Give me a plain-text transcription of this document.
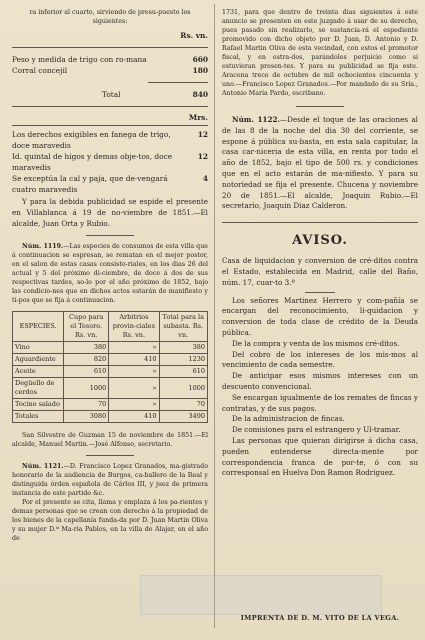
ra inferior al cuarto, sirviendo de presu-puesto los siguientes:

Rs. vn.
Peso y medida de trigo con ro-mana	660
Corral concejil	180
Total	840
Mrs.
Los derechos exigibles en fanega de trigo, doce maravedis
12
Id. quintal de higos y demas obje-tos, doce maravedis
12
Se exceptúa la cal y paja, que de-vengará cuatro maravedis
4

Y para la debida publicidad se espide el presente en Villablanca á 19 de no-viembre de 1851.—El alcalde, Juan Orta y Rubio.

Núm. 1119.—Las especies de consumos de esta villa que á continuacion se espresan, se rematan en el mejor postor, en el salon de estas casas consisto-riales, en los dias 26 del actual y 5 del próximo di-ciembre, de doce á dos de sus respectivas tardes, so-lo por el año próximo de 1852, bajo las condicio-nes que en dichos actos estarán de manifiesto y ti-pos que se fija á continuacion.

ESPECIES.	Cupo para el Tesoro. Rs. vn.	Arbitrios provin-ciales Rs. vn.	Total para la subasta. Rs. vn.
Vino	380	»	380
Aguardiente	820	410	1230
Aceite	610	»	610
Degüello de cerdos	1000	»	1000
Tocino salado	70	»	70
Totales	3080	410	3490

San Silvestre de Guzman 15 de noviembre de 1851.—El alcalde, Manuel Martin.—José Alfonso, secretario.

Núm. 1121.—D. Francisco Lopez Granados, ma-gistrado honorario de la audiencia de Burgos, ca-ballero de la Real y distinguida órden española de Cárlos III, y juez de primera instancia de este partido &c.

Por el presente se cita, llama y emplaza á los pa-rientes y demas personas que se crean con derecho á la propiedad de los bienes de la capellanía funda-da por D. Juan Martin Oliva y su mujer D.ª Ma-ria Pablos, en la villa de Alajar, en el año de

1731, para que dentro de treinta dias siguientes á este anuncio se presenten en este juzgado á usar de su derecho, pues pasado sin realizarlo, se sustancia-rá el espediente promovido con dicho objeto por D. Juan, D. Antonio y D. Rafael Martin Oliva de esta vecindad, con estos el promotor fiscal, y en estra-dos, parándoles perjuicio como si estuvieran presen-tes. Y para su publicidad se fija este. Aracena trece de octubre de mil ochocientos cincuenta y uno.—Francisco Lopez Granados.—Por mandado de su Sría., Antonio María Pardo, escribano.

Núm. 1122.—Desde el toque de las oraciones al de las 8 de la noche del dia 30 del corriente, se espone á pública su-basta, en esta sala capitular, la casa car-niceria de esta villa, en renta por todo el año de 1852, bajo el tipo de 500 rs. y condiciones que en el acto estarán de ma-nifiesto. Y para su notoriedad se fija el presente. Chucena y noviembre 20 de 1851.—El alcalde, Joaquin Rubio.—El secretario, Joaquin Diaz Calderon.

AVISO.

Casa de liquidacion y conversion de cré-ditos contra el Estado, establecida en Madrid, calle del Baño, núm. 17, cuar-to 3.º

Los señores Martinez Herrero y com-pañía se encargan del reconocimiento, li-quidacion y conversion de toda clase de crédito de la Deuda pública.

De la compra y venta de los mismos cré-ditos.

Del cobro de los intereses de los mis-mos al vencimiento de cada semestre.

De anticipar esos mismos intereses con un descuento convencional.

Se encargan igualmente de los remates de fincas y contratas, y de sus pagos.

De la administracion de fincas.

De comisiones para el estrangero y Ul-tramar.

Las personas que quieran dirigirse á dicha casa, pueden entenderse directa-mente por correspondencia franca de por-te, ó con su corresponsal en Huelva Don Ramon Rodriguez.

IMPRENTA DE D. M. VITO DE LA VEGA.
